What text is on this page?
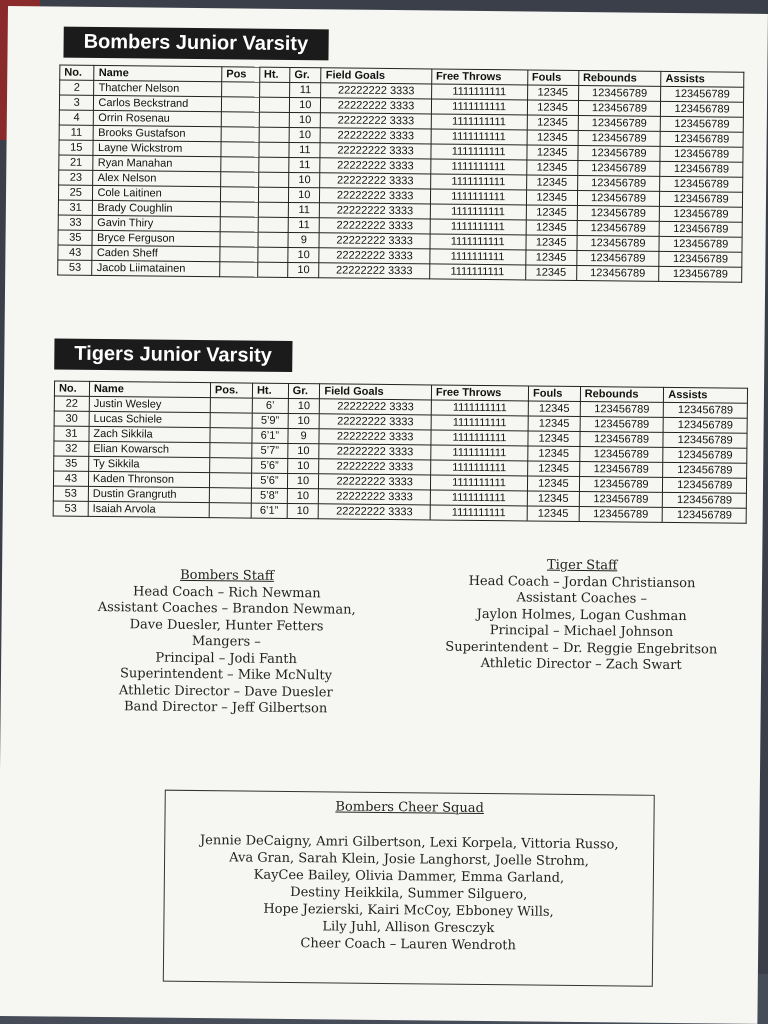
Bombers Junior Varsity
No.	Name	Pos	Ht.	Gr.	Field Goals	Free Throws	Fouls	Rebounds	Assists
2	Thatcher Nelson			11	22222222 3333	1111111111	12345	123456789	123456789
3	Carlos Beckstrand			10	22222222 3333	1111111111	12345	123456789	123456789
4	Orrin Rosenau			10	22222222 3333	1111111111	12345	123456789	123456789
11	Brooks Gustafson			10	22222222 3333	1111111111	12345	123456789	123456789
15	Layne Wickstrom			11	22222222 3333	1111111111	12345	123456789	123456789
21	Ryan Manahan			11	22222222 3333	1111111111	12345	123456789	123456789
23	Alex Nelson			10	22222222 3333	1111111111	12345	123456789	123456789
25	Cole Laitinen			10	22222222 3333	1111111111	12345	123456789	123456789
31	Brady Coughlin			11	22222222 3333	1111111111	12345	123456789	123456789
33	Gavin Thiry			11	22222222 3333	1111111111	12345	123456789	123456789
35	Bryce Ferguson			9	22222222 3333	1111111111	12345	123456789	123456789
43	Caden Sheff			10	22222222 3333	1111111111	12345	123456789	123456789
53	Jacob Liimatainen			10	22222222 3333	1111111111	12345	123456789	123456789
Tigers Junior Varsity
No.	Name	Pos.	Ht.	Gr.	Field Goals	Free Throws	Fouls	Rebounds	Assists
22	Justin Wesley		6’	10	22222222 3333	1111111111	12345	123456789	123456789
30	Lucas Schiele		5’9”	10	22222222 3333	1111111111	12345	123456789	123456789
31	Zach Sikkila		6’1”	9	22222222 3333	1111111111	12345	123456789	123456789
32	Elian Kowarsch		5’7”	10	22222222 3333	1111111111	12345	123456789	123456789
35	Ty Sikkila		5’6”	10	22222222 3333	1111111111	12345	123456789	123456789
43	Kaden Thronson		5’6”	10	22222222 3333	1111111111	12345	123456789	123456789
53	Dustin Grangruth		5’8”	10	22222222 3333	1111111111	12345	123456789	123456789
53	Isaiah Arvola		6’1”	10	22222222 3333	1111111111	12345	123456789	123456789
Bombers Staff
Head Coach – Rich Newman
Assistant Coaches – Brandon Newman,
Dave Duesler, Hunter Fetters
Mangers –
Principal – Jodi Fanth
Superintendent – Mike McNulty
Athletic Director – Dave Duesler
Band Director – Jeff Gilbertson
Tiger Staff
Head Coach – Jordan Christianson
Assistant Coaches –
Jaylon Holmes, Logan Cushman
Principal – Michael Johnson
Superintendent – Dr. Reggie Engebritson
Athletic Director – Zach Swart
Bombers Cheer Squad
Jennie DeCaigny, Amri Gilbertson, Lexi Korpela, Vittoria Russo,
Ava Gran, Sarah Klein, Josie Langhorst, Joelle Strohm,
KayCee Bailey, Olivia Dammer, Emma Garland,
Destiny Heikkila, Summer Silguero,
Hope Jezierski, Kairi McCoy, Ebboney Wills,
Lily Juhl, Allison Gresczyk
Cheer Coach – Lauren Wendroth
